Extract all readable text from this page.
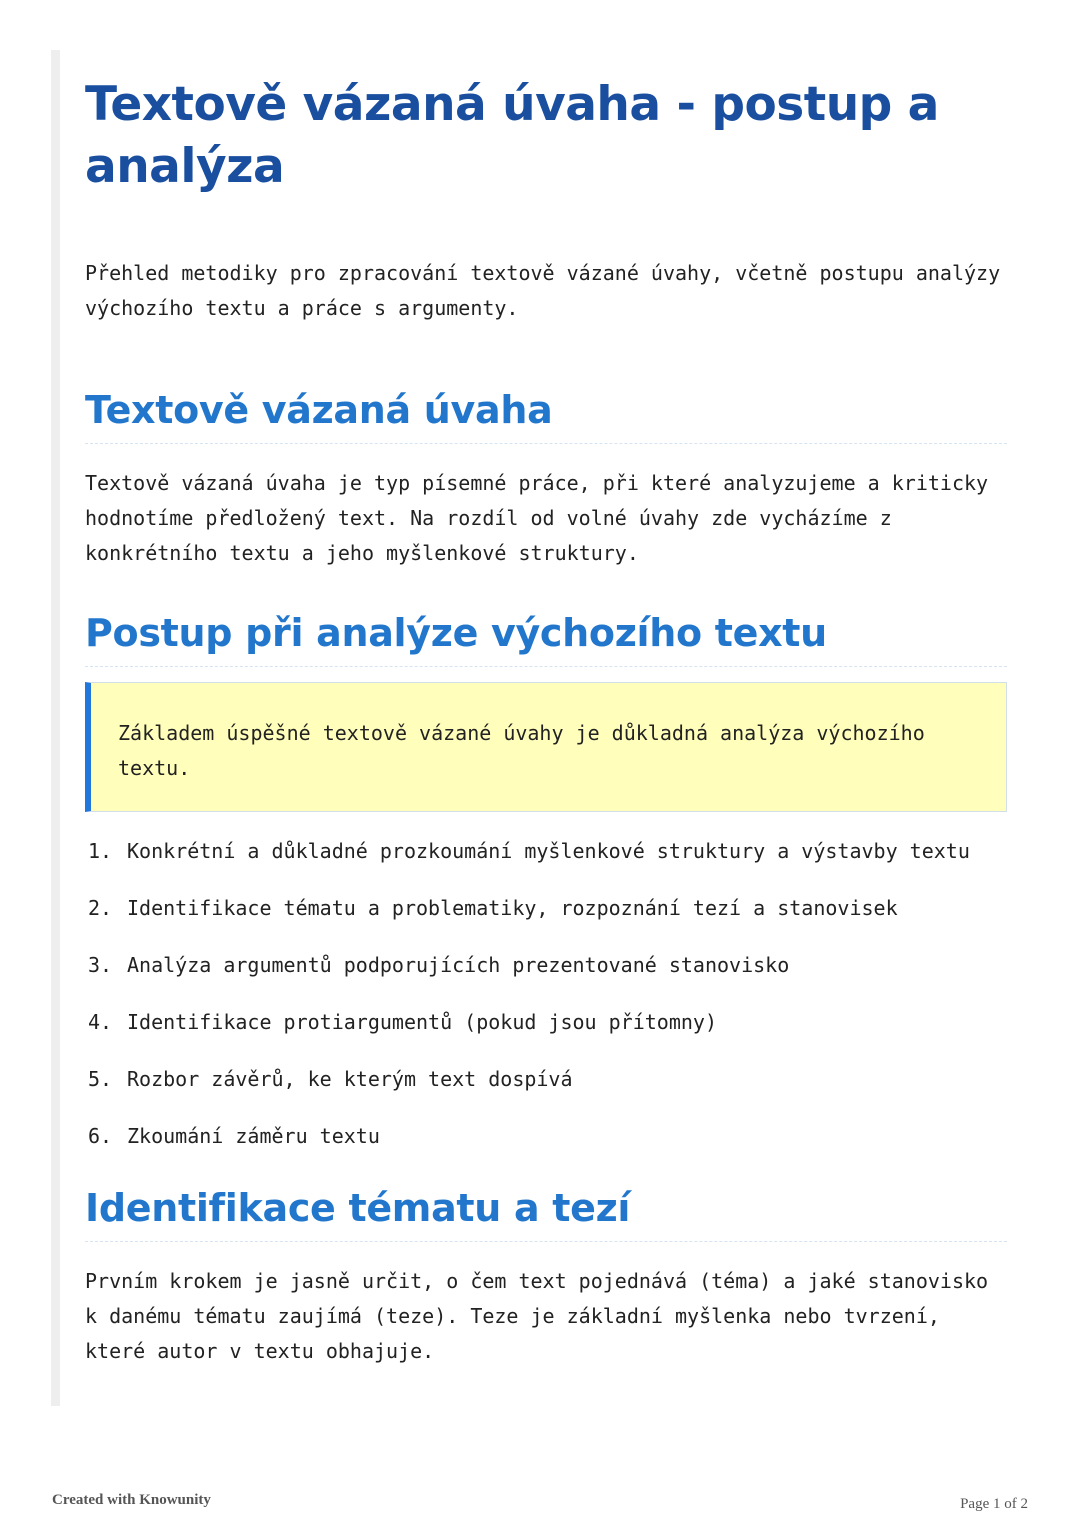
Textově vázaná úvaha - postup a analýza

Přehled metodiky pro zpracování textově vázané úvahy, včetně postupu analýzy výchozího textu a práce s argumenty.

Textově vázaná úvaha

Textově vázaná úvaha je typ písemné práce, při které analyzujeme a kriticky hodnotíme předložený text. Na rozdíl od volné úvahy zde vycházíme z konkrétního textu a jeho myšlenkové struktury.

Postup při analýze výchozího textu

Základem úspěšné textově vázané úvahy je důkladná analýza výchozího textu.

1. Konkrétní a důkladné prozkoumání myšlenkové struktury a výstavby textu
2. Identifikace tématu a problematiky, rozpoznání tezí a stanovisek
3. Analýza argumentů podporujících prezentované stanovisko
4. Identifikace protiargumentů (pokud jsou přítomny)
5. Rozbor závěrů, ke kterým text dospívá
6. Zkoumání záměru textu
Identifikace tématu a tezí

Prvním krokem je jasně určit, o čem text pojednává (téma) a jaké stanovisko k danému tématu zaujímá (teze). Teze je základní myšlenka nebo tvrzení, které autor v textu obhajuje.

Created with Knowunity	Page 1 of 2
